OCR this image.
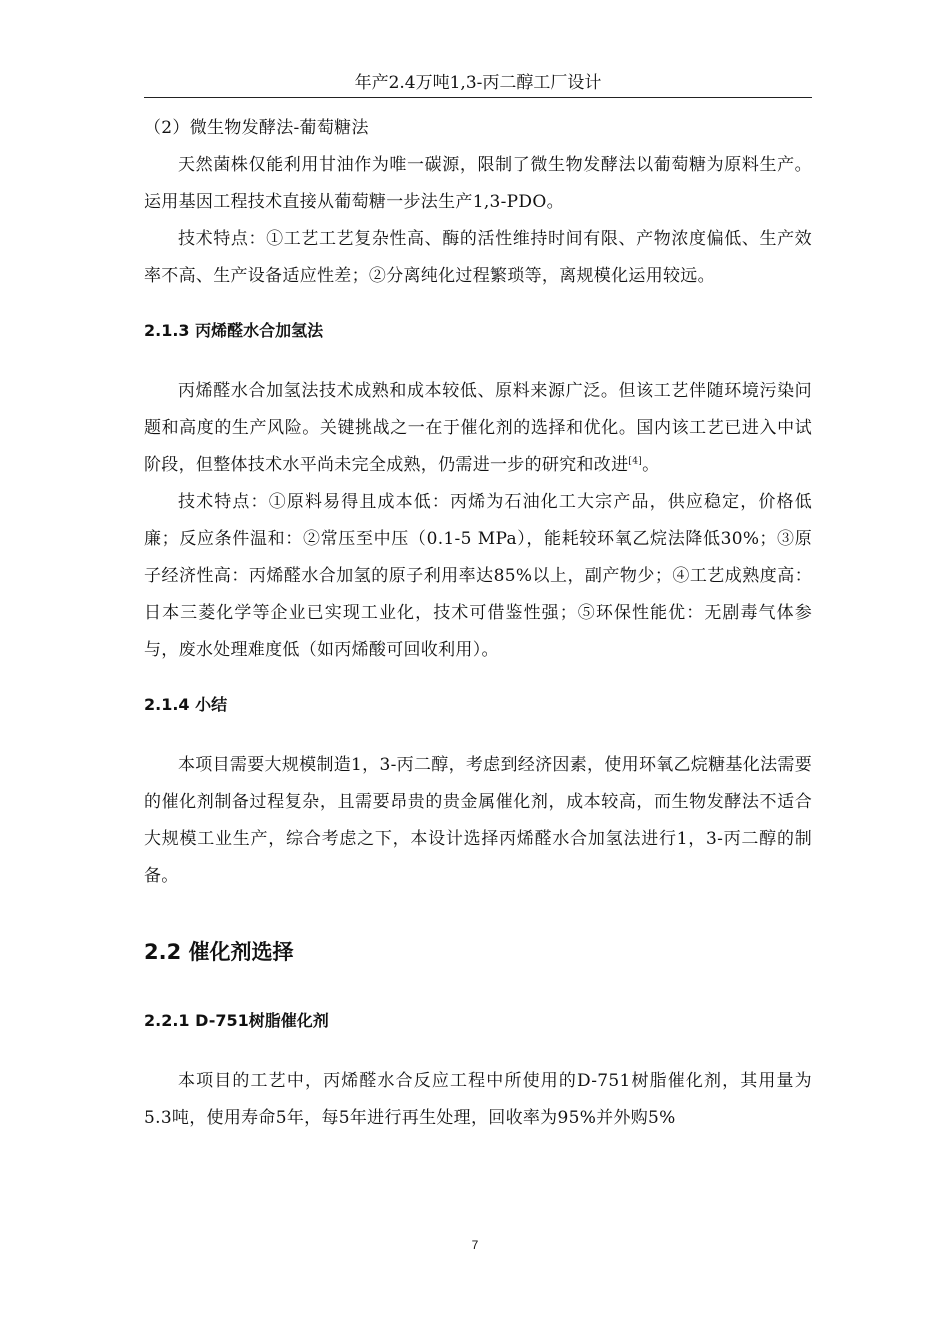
年产2.4万吨1,3-丙二醇工厂设计

（2）微生物发酵法-葡萄糖法

天然菌株仅能利用甘油作为唯一碳源，限制了微生物发酵法以葡萄糖为原料生产。运用基因工程技术直接从葡萄糖一步法生产1,3-PDO。

技术特点：①工艺工艺复杂性高、酶的活性维持时间有限、产物浓度偏低、生产效率不高、生产设备适应性差；②分离纯化过程繁琐等，离规模化运用较远。

2.1.3 丙烯醛水合加氢法

丙烯醛水合加氢法技术成熟和成本较低、原料来源广泛。但该工艺伴随环境污染问题和高度的生产风险。关键挑战之一在于催化剂的选择和优化。国内该工艺已进入中试阶段，但整体技术水平尚未完全成熟，仍需进一步的研究和改进[4]。

技术特点：①原料易得且成本低：丙烯为石油化工大宗产品，供应稳定，价格低廉；反应条件温和：②常压至中压（0.1-5 MPa），能耗较环氧乙烷法降低30%；③原子经济性高：丙烯醛水合加氢的原子利用率达85%以上，副产物少；④工艺成熟度高：日本三菱化学等企业已实现工业化，技术可借鉴性强；⑤环保性能优：无剧毒气体参与，废水处理难度低（如丙烯酸可回收利用）。

2.1.4 小结

本项目需要大规模制造1，3-丙二醇，考虑到经济因素，使用环氧乙烷糖基化法需要的催化剂制备过程复杂，且需要昂贵的贵金属催化剂，成本较高，而生物发酵法不适合大规模工业生产，综合考虑之下，本设计选择丙烯醛水合加氢法进行1，3-丙二醇的制备。

2.2 催化剂选择
2.2.1 D-751树脂催化剂

本项目的工艺中，丙烯醛水合反应工程中所使用的D-751树脂催化剂，其用量为5.3吨，使用寿命5年，每5年进行再生处理，回收率为95%并外购5%

7
